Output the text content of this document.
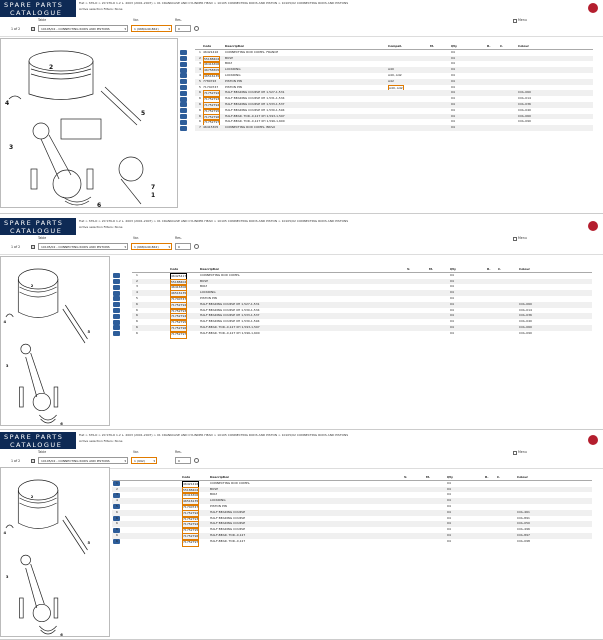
SPARE PARTS
CATALOGUE
Fiat > STILO > 20 STILO 1.2 L. 2003 (2001-2007) > 01 CRANKCASE AND CYLINDER HEAD > 10105 CONNECTING RODS AND PISTON > 10105/02 CONNECTING RODS AND PISTONS
Active selection Filters: None
Table
1 of 2	10105/02 - CONNECTING RODS AND PISTONS	▾
Var.
1 (968/A40,B42)	▾
Res.
0
Menu
1
2
3
4
5
6
7
Code	Description	Compat.	M.	Qty	R.	C.	Colour
1 46421416 CONNECTING ROD COMPL. FRANCE	04
2	55188404	BUSH	04
3	46416306	BOLT	04
4	46758305	LOCKRING	A40	04
4	46516135	LOCKRING	A40, A42	04
5 7780726	PISTON PIN	A42	04
5 71740747 PISTON PIN	A40, A42	04
6	71752792	HALF BEARING COUPLE 0H 1,527-1,531	04	COL-060
6	71752793	HALF BEARING COUPLE 0H 1,531-1,534	04	COL-014
6	71752794	HALF BEARING COUPLE 0H 1,533-1,537	04	COL-036
6	71752795	HALF BEARING COUPLE 0H 1,530-1,594	04	COL-040
6	71752796	HALF-BEAR. TOR.-0,127 0H 1,593-1,597	04	COL-060
6	71752797	HALF-BEAR. TOR.-0,127 0H 1,596-1,600	04	COL-090
7 46415305 CONNECTING ROD COMPL. BRIVA	04
SPARE PARTS
CATALOGUE
Fiat > STILO > 20 STILO 1.2 L. 2003 (2001-2007) > 01 CRANKCASE AND CYLINDER HEAD > 10105 CONNECTING RODS AND PISTON > 10105/02 CONNECTING RODS AND PISTONS
Active selection Filters: None
Table
1 of 2	10105/02 - CONNECTING RODS AND PISTONS	▾
Var.
1 (968/A40,B42)	▾
Res.
0
Menu
2
3
4
5
6
Code	Description	V.	M.	Qty	R. C.	Colour
1	46425417	CONNECTING ROD COMPL.	04
2	55188404	BUSH	04
3	46416306	BOLT	04
4	46516135	LOCKRING	04
5	71740747	PISTON PIN	04
6	71752792	HALF BEARING COUPLE 0H 1,527-1,531	04	COL-060
6	71752793	HALF BEARING COUPLE 0H 1,530-1,534	04	COL-014
6	71752794	HALF BEARING COUPLE 0H 1,533-1,537	04	COL-036
6	71752795	HALF BEARING COUPLE 0H 1,530-1,594	04	COL-040
6	71752796	HALF-BEAR. TOR.-0,127 0H 1,593-1,597	04	COL-060
6	71752797	HALF-BEAR. TOR.-0,127 0H 1,596-1,600	04	COL-090
SPARE PARTS
CATALOGUE
Fiat > STILO > 20 STILO 1.2 L. 2003 (2001-2007) > 01 CRANKCASE AND CYLINDER HEAD > 10105 CONNECTING RODS AND PISTON > 10105/02 CONNECTING RODS AND PISTONS
Active selection Filters: None
Table
1 of 2	10105/02 - CONNECTING RODS AND PISTONS	▾
Var.
1 (992)	▾
Res.
0
Menu
2
3
4
5
6
Code	Description	V.	M.	Qty	R.	C.	Colour
1	46421416	CONNECTING ROD COMPL.	04
2	55188404	BUSH	04
3	46416306	BOLT	04
4	46516135	LOCKRING	04
5	71740747	PISTON PIN	04
6	71752792	HALF BEARING COUPLE	04	COL-461
6	71752793	HALF BEARING COUPLE	04	COL-891
6	71752794	HALF BEARING COUPLE	04	COL-050
6	71752795	HALF BEARING COUPLE	04	COL-496
6	71752796	HALF-BEAR. TOR.-0,127	04	COL-897
6	71752797	HALF-BEAR. TOR.-0,127	04	COL-098
